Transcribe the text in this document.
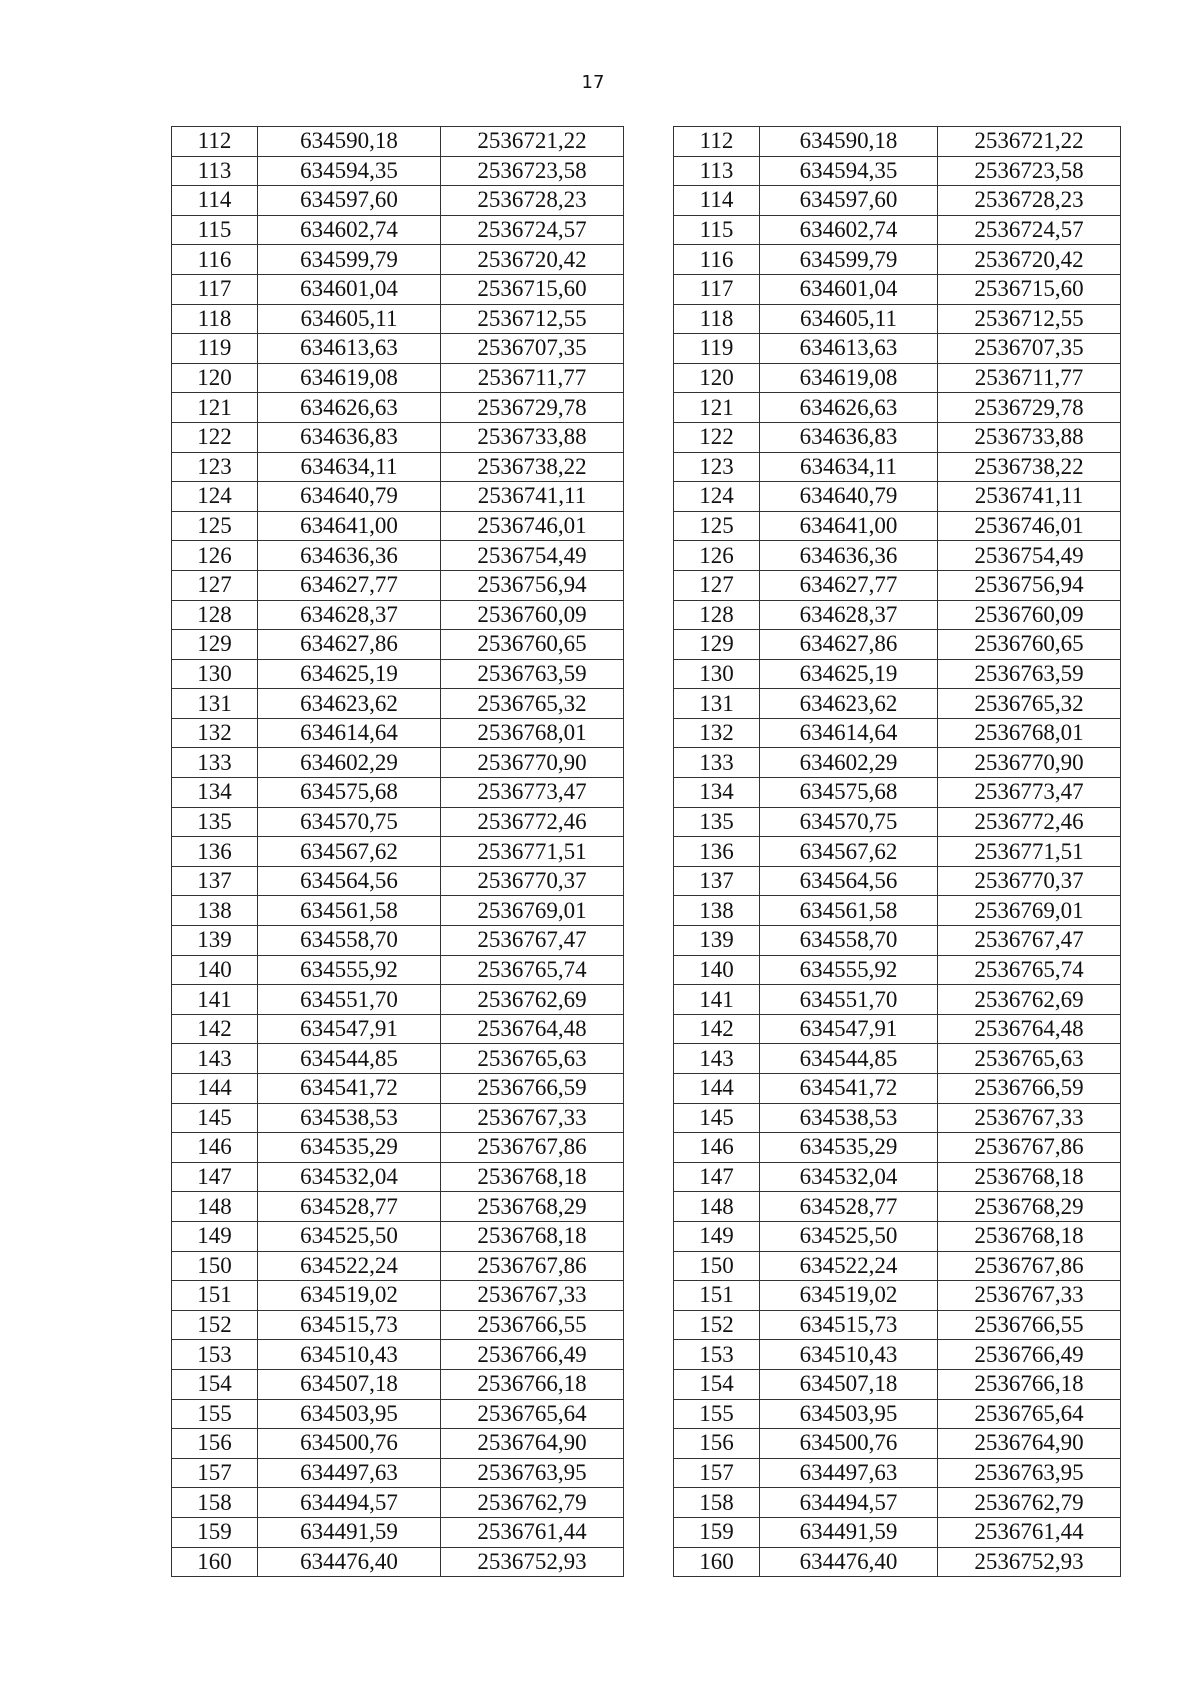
17
112	634590,18	2536721,22		112	634590,18	2536721,22
113	634594,35	2536723,58		113	634594,35	2536723,58
114	634597,60	2536728,23		114	634597,60	2536728,23
115	634602,74	2536724,57		115	634602,74	2536724,57
116	634599,79	2536720,42		116	634599,79	2536720,42
117	634601,04	2536715,60		117	634601,04	2536715,60
118	634605,11	2536712,55		118	634605,11	2536712,55
119	634613,63	2536707,35		119	634613,63	2536707,35
120	634619,08	2536711,77		120	634619,08	2536711,77
121	634626,63	2536729,78		121	634626,63	2536729,78
122	634636,83	2536733,88		122	634636,83	2536733,88
123	634634,11	2536738,22		123	634634,11	2536738,22
124	634640,79	2536741,11		124	634640,79	2536741,11
125	634641,00	2536746,01		125	634641,00	2536746,01
126	634636,36	2536754,49		126	634636,36	2536754,49
127	634627,77	2536756,94		127	634627,77	2536756,94
128	634628,37	2536760,09		128	634628,37	2536760,09
129	634627,86	2536760,65		129	634627,86	2536760,65
130	634625,19	2536763,59		130	634625,19	2536763,59
131	634623,62	2536765,32		131	634623,62	2536765,32
132	634614,64	2536768,01		132	634614,64	2536768,01
133	634602,29	2536770,90		133	634602,29	2536770,90
134	634575,68	2536773,47		134	634575,68	2536773,47
135	634570,75	2536772,46		135	634570,75	2536772,46
136	634567,62	2536771,51		136	634567,62	2536771,51
137	634564,56	2536770,37		137	634564,56	2536770,37
138	634561,58	2536769,01		138	634561,58	2536769,01
139	634558,70	2536767,47		139	634558,70	2536767,47
140	634555,92	2536765,74		140	634555,92	2536765,74
141	634551,70	2536762,69		141	634551,70	2536762,69
142	634547,91	2536764,48		142	634547,91	2536764,48
143	634544,85	2536765,63		143	634544,85	2536765,63
144	634541,72	2536766,59		144	634541,72	2536766,59
145	634538,53	2536767,33		145	634538,53	2536767,33
146	634535,29	2536767,86		146	634535,29	2536767,86
147	634532,04	2536768,18		147	634532,04	2536768,18
148	634528,77	2536768,29		148	634528,77	2536768,29
149	634525,50	2536768,18		149	634525,50	2536768,18
150	634522,24	2536767,86		150	634522,24	2536767,86
151	634519,02	2536767,33		151	634519,02	2536767,33
152	634515,73	2536766,55		152	634515,73	2536766,55
153	634510,43	2536766,49		153	634510,43	2536766,49
154	634507,18	2536766,18		154	634507,18	2536766,18
155	634503,95	2536765,64		155	634503,95	2536765,64
156	634500,76	2536764,90		156	634500,76	2536764,90
157	634497,63	2536763,95		157	634497,63	2536763,95
158	634494,57	2536762,79		158	634494,57	2536762,79
159	634491,59	2536761,44		159	634491,59	2536761,44
160	634476,40	2536752,93		160	634476,40	2536752,93
